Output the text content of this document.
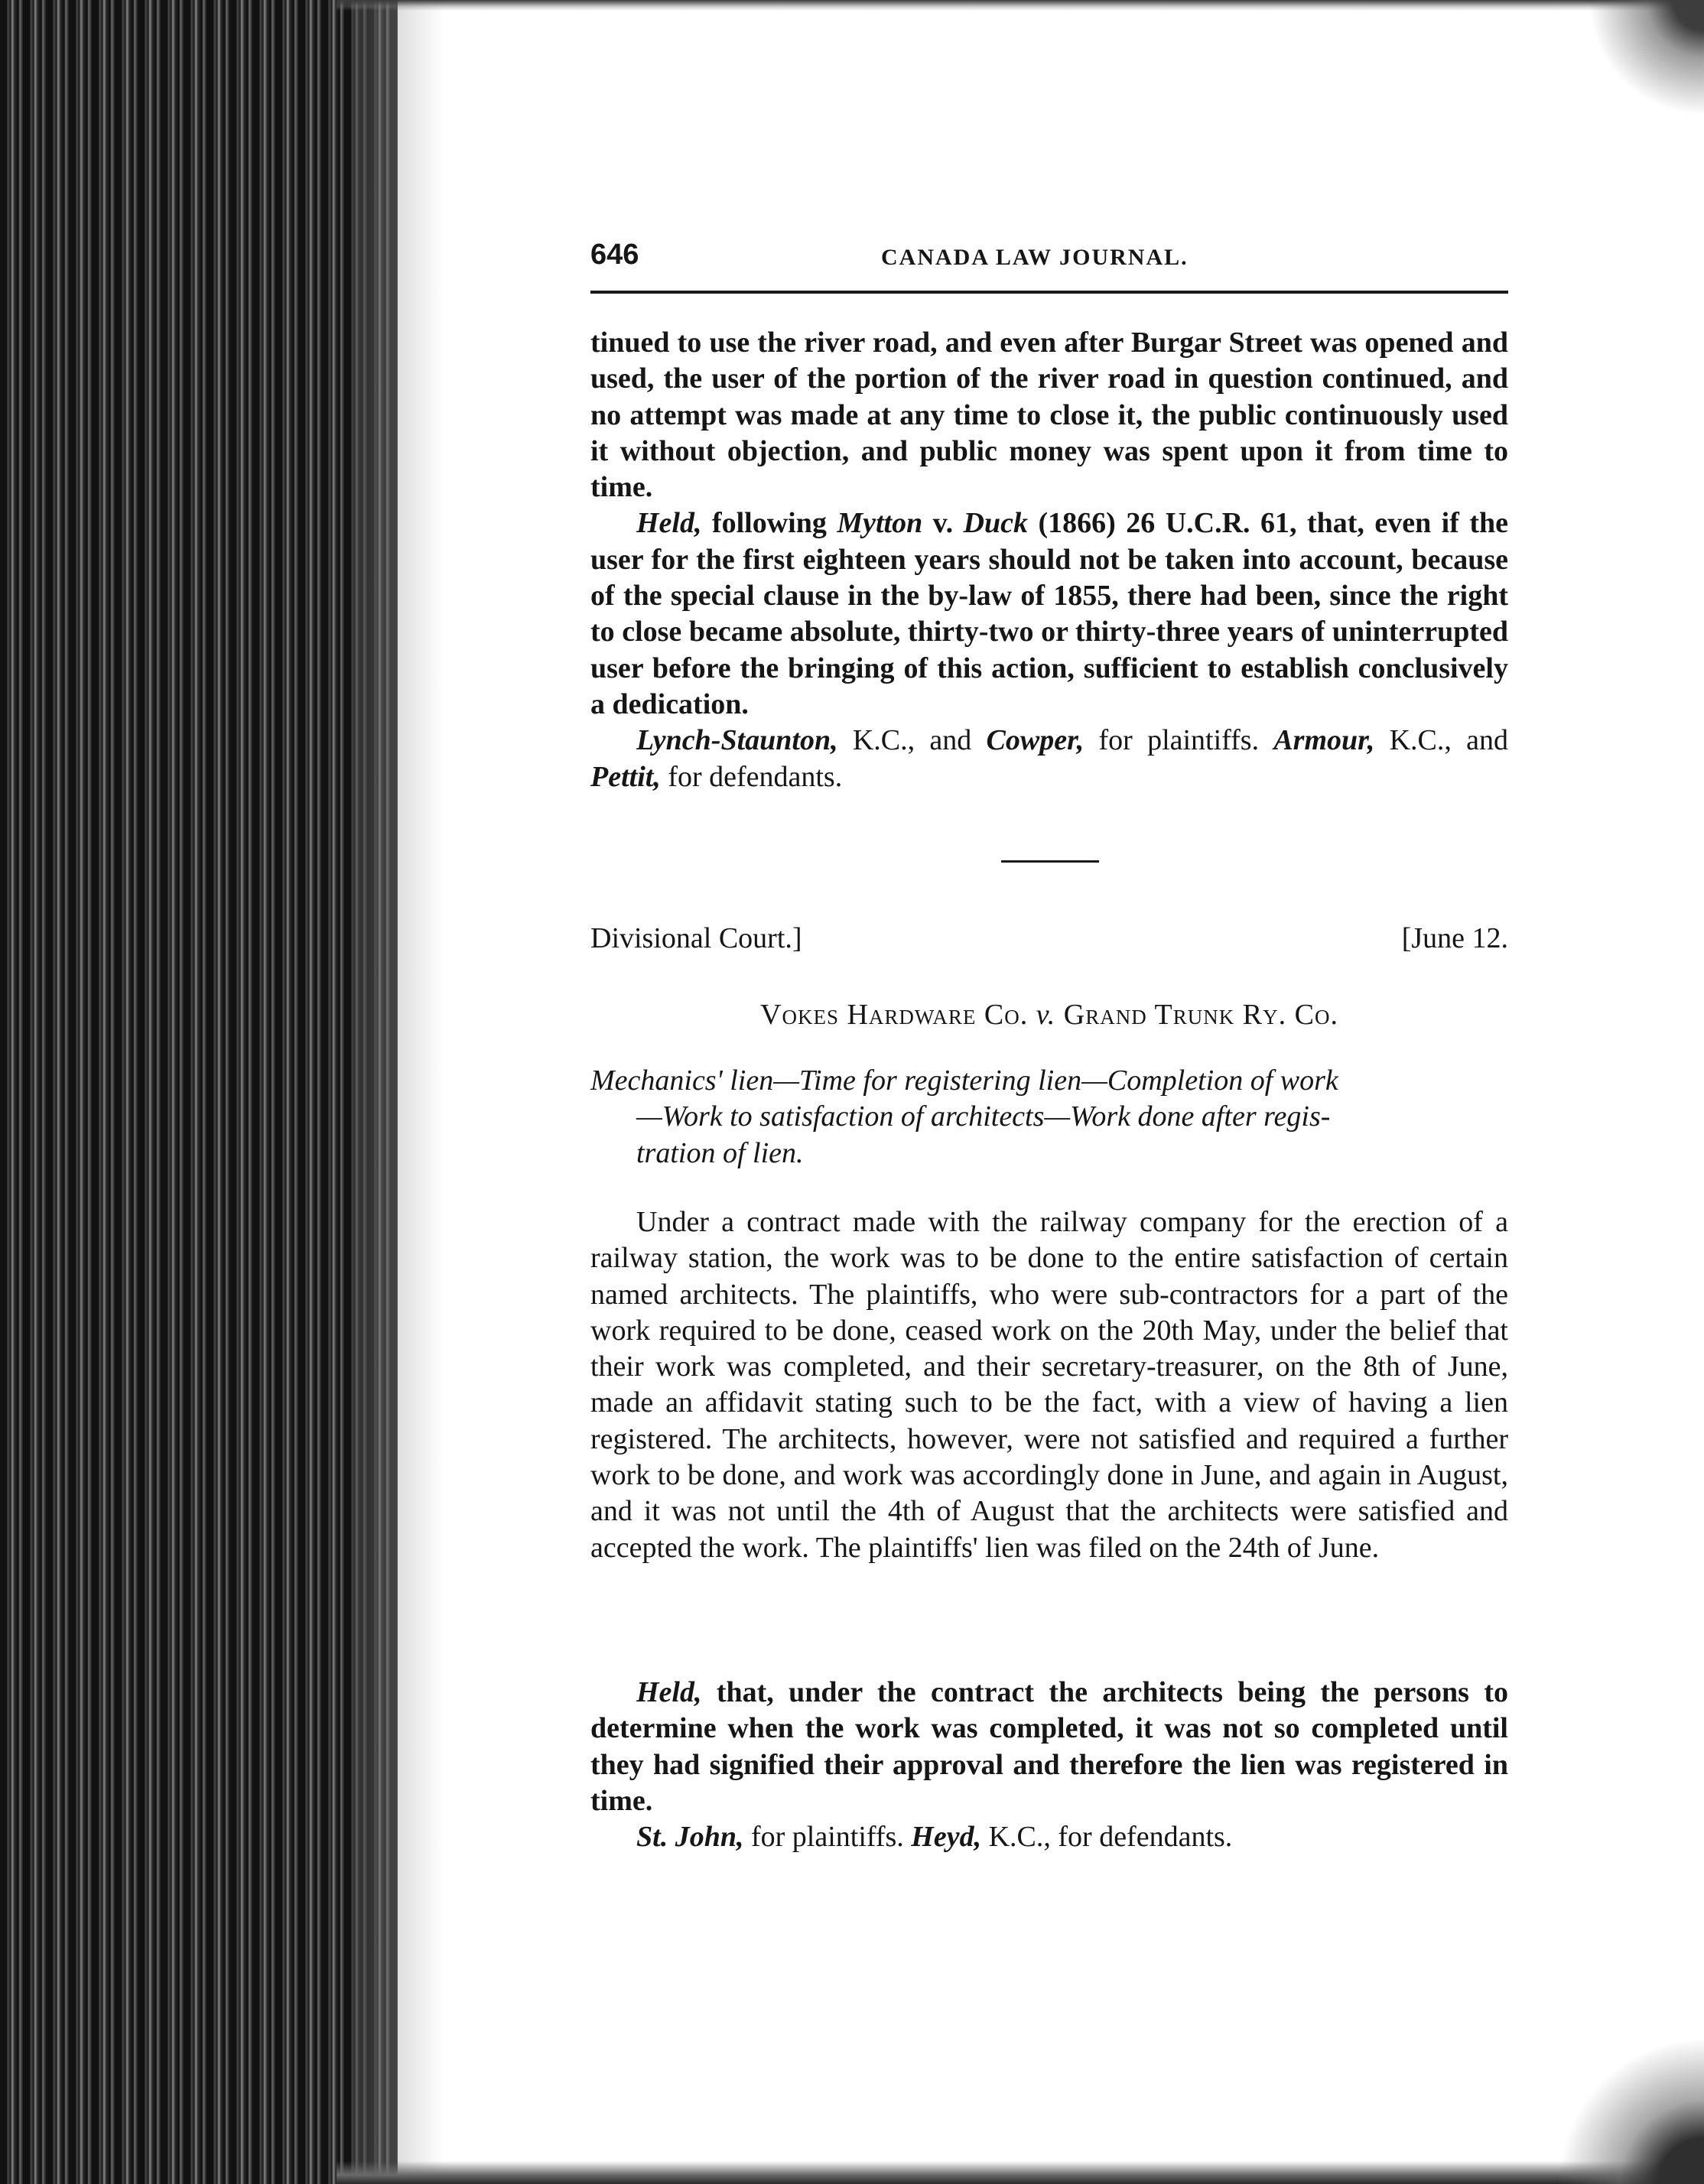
646	CANADA LAW JOURNAL.

tinued to use the river road, and even after Burgar Street was opened and used, the user of the portion of the river road in question continued, and no attempt was made at any time to close it, the public continuously used it without objection, and public money was spent upon it from time to time.

Held, following Mytton v. Duck (1866) 26 U.C.R. 61, that, even if the user for the first eighteen years should not be taken into account, because of the special clause in the by-law of 1855, there had been, since the right to close became absolute, thirty-two or thirty-three years of uninterrupted user before the bringing of this action, sufficient to establish conclusively a dedication.

Lynch-Staunton, K.C., and Cowper, for plaintiffs. Armour, K.C., and Pettit, for defendants.

Divisional Court.]	[June 12.
Vokes Hardware Co. v. Grand Trunk Ry. Co.

Mechanics' lien—Time for registering lien—Completion of work

—Work to satisfaction of architects—Work done after regis-

tration of lien.

Under a contract made with the railway company for the erection of a railway station, the work was to be done to the entire satisfaction of certain named architects. The plaintiffs, who were sub-contractors for a part of the work required to be done, ceased work on the 20th May, under the belief that their work was completed, and their secretary-treasurer, on the 8th of June, made an affidavit stating such to be the fact, with a view of having a lien registered. The architects, however, were not satisfied and required a further work to be done, and work was accordingly done in June, and again in August, and it was not until the 4th of August that the architects were satisfied and accepted the work. The plaintiffs' lien was filed on the 24th of June.

Held, that, under the contract the architects being the persons to determine when the work was completed, it was not so completed until they had signified their approval and therefore the lien was registered in time.

St. John, for plaintiffs. Heyd, K.C., for defendants.
